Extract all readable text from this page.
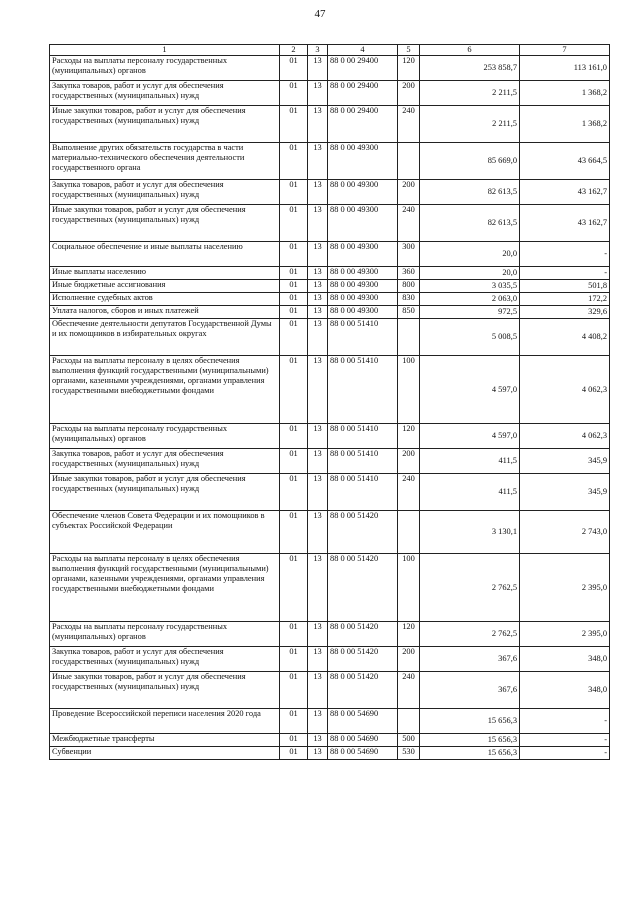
47
1	2	3	4	5	6	7
Расходы на выплаты персоналу государственных (муниципальных) органов	01	13	88 0 00 29400	120	253 858,7	113 161,0
Закупка товаров, работ и услуг для обеспечения государственных (муниципальных) нужд	01	13	88 0 00 29400	200	2 211,5	1 368,2
Иные закупки товаров, работ и услуг для обеспечения государственных (муниципальных) нужд	01	13	88 0 00 29400	240	2 211,5	1 368,2
Выполнение других обязательств государства в части материально-технического обеспечения деятельности государственного органа	01	13	88 0 00 49300		85 669,0	43 664,5
Закупка товаров, работ и услуг для обеспечения государственных (муниципальных) нужд	01	13	88 0 00 49300	200	82 613,5	43 162,7
Иные закупки товаров, работ и услуг для обеспечения государственных (муниципальных) нужд	01	13	88 0 00 49300	240	82 613,5	43 162,7
Социальное обеспечение и иные выплаты населению	01	13	88 0 00 49300	300	20,0	-
Иные выплаты населению	01	13	88 0 00 49300	360	20,0	-
Иные бюджетные ассигнования	01	13	88 0 00 49300	800	3 035,5	501,8
Исполнение судебных актов	01	13	88 0 00 49300	830	2 063,0	172,2
Уплата налогов, сборов и иных платежей	01	13	88 0 00 49300	850	972,5	329,6
Обеспечение деятельности депутатов Государственной Думы и их помощников в избирательных округах	01	13	88 0 00 51410		5 008,5	4 408,2
Расходы на выплаты персоналу в целях обеспечения выполнения функций государственными (муниципальными) органами, казенными учреждениями, органами управления государственными внебюджетными фондами	01	13	88 0 00 51410	100	4 597,0	4 062,3
Расходы на выплаты персоналу государственных (муниципальных) органов	01	13	88 0 00 51410	120	4 597,0	4 062,3
Закупка товаров, работ и услуг для обеспечения государственных (муниципальных) нужд	01	13	88 0 00 51410	200	411,5	345,9
Иные закупки товаров, работ и услуг для обеспечения государственных (муниципальных) нужд	01	13	88 0 00 51410	240	411,5	345,9
Обеспечение членов Совета Федерации и их помощников в субъектах Российской Федерации	01	13	88 0 00 51420		3 130,1	2 743,0
Расходы на выплаты персоналу в целях обеспечения выполнения функций государственными (муниципальными) органами, казенными учреждениями, органами управления государственными внебюджетными фондами	01	13	88 0 00 51420	100	2 762,5	2 395,0
Расходы на выплаты персоналу государственных (муниципальных) органов	01	13	88 0 00 51420	120	2 762,5	2 395,0
Закупка товаров, работ и услуг для обеспечения государственных (муниципальных) нужд	01	13	88 0 00 51420	200	367,6	348,0
Иные закупки товаров, работ и услуг для обеспечения государственных (муниципальных) нужд	01	13	88 0 00 51420	240	367,6	348,0
Проведение Всероссийской переписи населения 2020 года	01	13	88 0 00 54690		15 656,3	-
Межбюджетные трансферты	01	13	88 0 00 54690	500	15 656,3	-
Субвенции	01	13	88 0 00 54690	530	15 656,3	-
